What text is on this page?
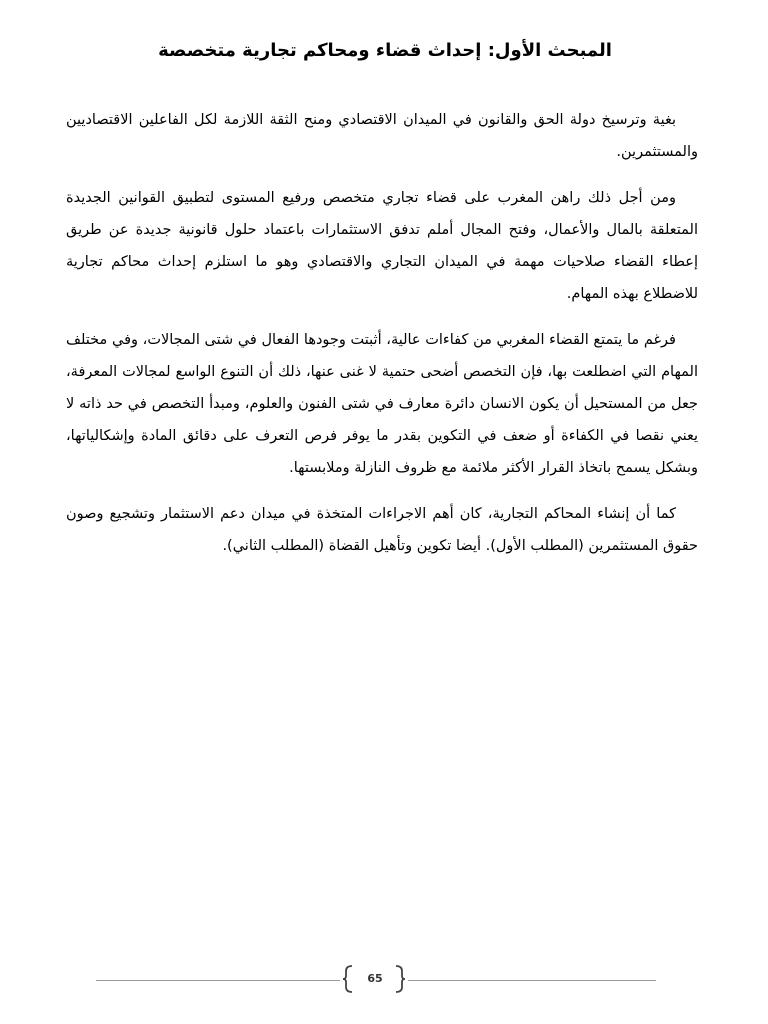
المبحث الأول: إحداث قضاء ومحاكم تجارية متخصصة

بغية وترسيخ دولة الحق والقانون في الميدان الاقتصادي ومنح الثقة اللازمة لكل الفاعلين الاقتصاديين والمستثمرين.

ومن أجل ذلك راهن المغرب على قضاء تجاري متخصص ورفيع المستوى لتطبيق القوانين الجديدة المتعلقة بالمال والأعمال، وفتح المجال أملم تدفق الاستثمارات باعتماد حلول قانونية جديدة عن طريق إعطاء القضاء صلاحيات مهمة في الميدان التجاري والاقتصادي وهو ما استلزم إحداث محاكم تجارية للاضطلاع بهذه المهام.

فرغم ما يتمتع القضاء المغربي من كفاءات عالية، أثبتت وجودها الفعال في شتى المجالات، وفي مختلف المهام التي اضطلعت بها، فإن التخصص أضحى حتمية لا غنى عنها، ذلك أن التنوع الواسع لمجالات المعرفة، جعل من المستحيل أن يكون الانسان دائرة معارف في شتى الفنون والعلوم، ومبدأ التخصص في حد ذاته لا يعني نقصا في الكفاءة أو ضعف في التكوين بقدر ما يوفر فرص التعرف على دقائق المادة وإشكالياتها، وبشكل يسمح باتخاذ القرار الأكثر ملائمة مع ظروف النازلة وملابستها.

كما أن إنشاء المحاكم التجارية، كان أهم الاجراءات المتخذة في ميدان دعم الاستثمار وتشجيع وصون حقوق المستثمرين (المطلب الأول). أيضا تكوين وتأهيل القضاة (المطلب الثاني).

65
